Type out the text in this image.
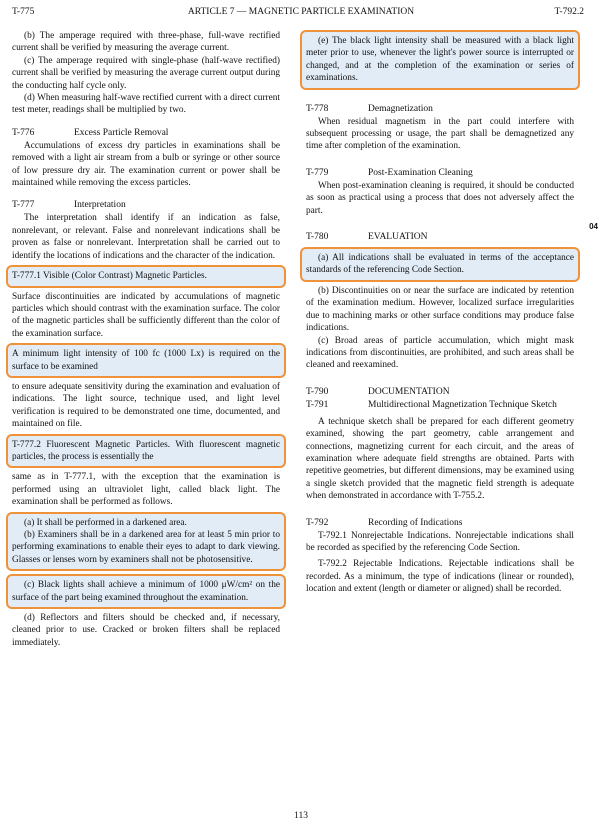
T-775	ARTICLE 7 — MAGNETIC PARTICLE EXAMINATION	T-792.2

(b) The amperage required with three-phase, full-wave rectified current shall be verified by measuring the average current.

(c) The amperage required with single-phase (half-wave rectified) current shall be verified by measuring the average current output during the conducting half cycle only.

(d) When measuring half-wave rectified current with a direct current test meter, readings shall be multiplied by two.

T-776	Excess Particle Removal

Accumulations of excess dry particles in examinations shall be removed with a light air stream from a bulb or syringe or other source of low pressure dry air. The examination current or power shall be maintained while removing the excess particles.

T-777	Interpretation

The interpretation shall identify if an indication as false, nonrelevant, or relevant. False and nonrelevant indications shall be proven as false or nonrelevant. Interpretation shall be carried out to identify the locations of indications and the character of the indication.

T-777.1 Visible (Color Contrast) Magnetic Particles.

Surface discontinuities are indicated by accumulations of magnetic particles which should contrast with the examination surface. The color of the magnetic particles shall be sufficiently different than the color of the examination surface.

A minimum light intensity of 100 fc (1000 Lx) is required on the surface to be examined

to ensure adequate sensitivity during the examination and evaluation of indications. The light source, technique used, and light level verification is required to be demonstrated one time, documented, and maintained on file.

T-777.2 Fluorescent Magnetic Particles. With fluorescent magnetic particles, the process is essentially the

same as in T-777.1, with the exception that the examination is performed using an ultraviolet light, called black light. The examination shall be performed as follows.

(a) It shall be performed in a darkened area.

(b) Examiners shall be in a darkened area for at least 5 min prior to performing examinations to enable their eyes to adapt to dark viewing. Glasses or lenses worn by examiners shall not be photosensitive.

(c) Black lights shall achieve a minimum of 1000 μW/cm² on the surface of the part being examined throughout the examination.

(d) Reflectors and filters should be checked and, if necessary, cleaned prior to use. Cracked or broken filters shall be replaced immediately.

(e) The black light intensity shall be measured with a black light meter prior to use, whenever the light's power source is interrupted or changed, and at the completion of the examination or series of examinations.

T-778	Demagnetization

When residual magnetism in the part could interfere with subsequent processing or usage, the part shall be demagnetized any time after completion of the examination.

T-779	Post-Examination Cleaning

When post-examination cleaning is required, it should be conducted as soon as practical using a process that does not adversely affect the part.

T-780	EVALUATION

(a) All indications shall be evaluated in terms of the acceptance standards of the referencing Code Section.

(b) Discontinuities on or near the surface are indicated by retention of the examination medium. However, localized surface irregularities due to machining marks or other surface conditions may produce false indications.

(c) Broad areas of particle accumulation, which might mask indications from discontinuities, are prohibited, and such areas shall be cleaned and reexamined.

T-790	DOCUMENTATION
T-791	Multidirectional Magnetization Technique Sketch

A technique sketch shall be prepared for each different geometry examined, showing the part geometry, cable arrangement and connections, magnetizing current for each circuit, and the areas of examination where adequate field strengths are obtained. Parts with repetitive geometries, but different dimensions, may be examined using a single sketch provided that the magnetic field strength is adequate when demonstrated in accordance with T-755.2.

T-792	Recording of Indications

T-792.1 Nonrejectable Indications. Nonrejectable indications shall be recorded as specified by the referencing Code Section.

T-792.2 Rejectable Indications. Rejectable indications shall be recorded. As a minimum, the type of indications (linear or rounded), location and extent (length or diameter or aligned) shall be recorded.

04
113
